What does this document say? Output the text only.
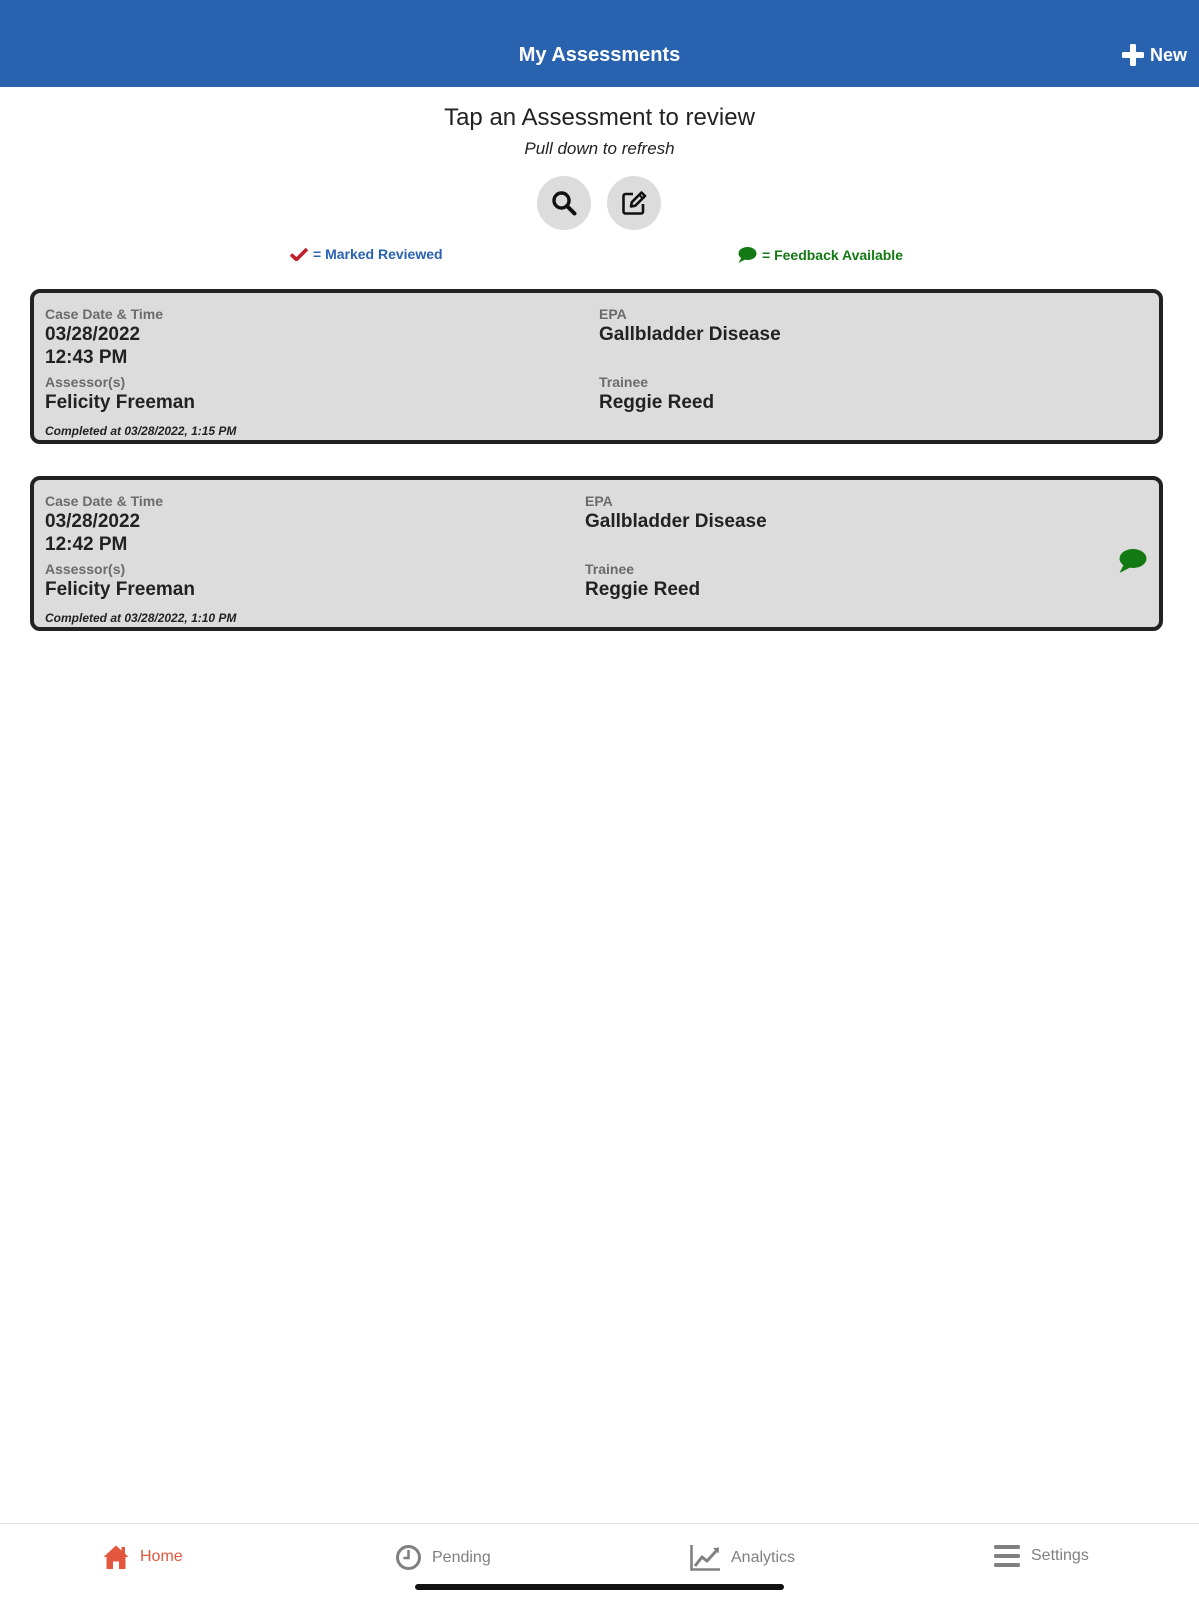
My Assessments	New
Tap an Assessment to review
Pull down to refresh
= Marked Reviewed	= Feedback Available
Case Date & Time
03/28/2022
12:43 PM
Assessor(s)
Felicity Freeman
Completed at 03/28/2022, 1:15 PM
EPA
Gallbladder Disease
Trainee
Reggie Reed
Case Date & Time
03/28/2022
12:42 PM
Assessor(s)
Felicity Freeman
Completed at 03/28/2022, 1:10 PM
EPA
Gallbladder Disease
Trainee
Reggie Reed
Home	Pending	Analytics	Settings
